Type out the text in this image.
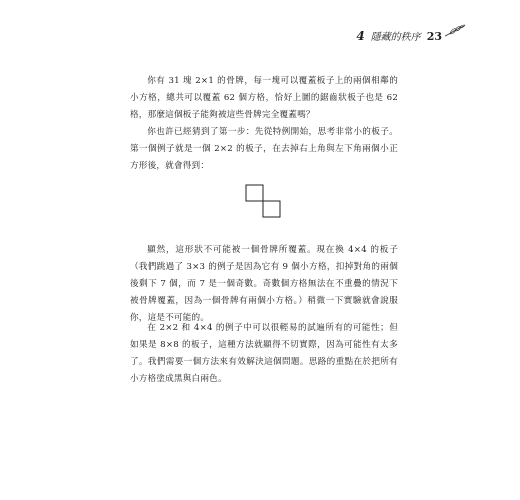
4 隱藏的秩序 23

你有 31 塊 2×1 的骨牌，每一塊可以覆蓋板子上的兩個相鄰的小方格，總共可以覆蓋 62 個方格，恰好上圖的鋸齒狀板子也是 62 格，那麼這個板子能夠被這些骨牌完全覆蓋嗎？

你也許已經猜到了第一步：先從特例開始，思考非常小的板子。第一個例子就是一個 2×2 的板子，在去掉右上角與左下角兩個小正方形後，就會得到：

顯然，這形狀不可能被一個骨牌所覆蓋。現在換 4×4 的板子（我們跳過了 3×3 的例子是因為它有 9 個小方格，扣掉對角的兩個後剩下 7 個，而 7 是一個奇數。奇數個方格無法在不重疊的情況下被骨牌覆蓋，因為一個骨牌有兩個小方格。）稍微一下實驗就會說服你，這是不可能的。

在 2×2 和 4×4 的例子中可以很輕易的試遍所有的可能性；但如果是 8×8 的板子，這種方法就顯得不切實際，因為可能性有太多了。我們需要一個方法來有效解決這個問題。思路的重點在於把所有小方格塗成黑與白兩色。
